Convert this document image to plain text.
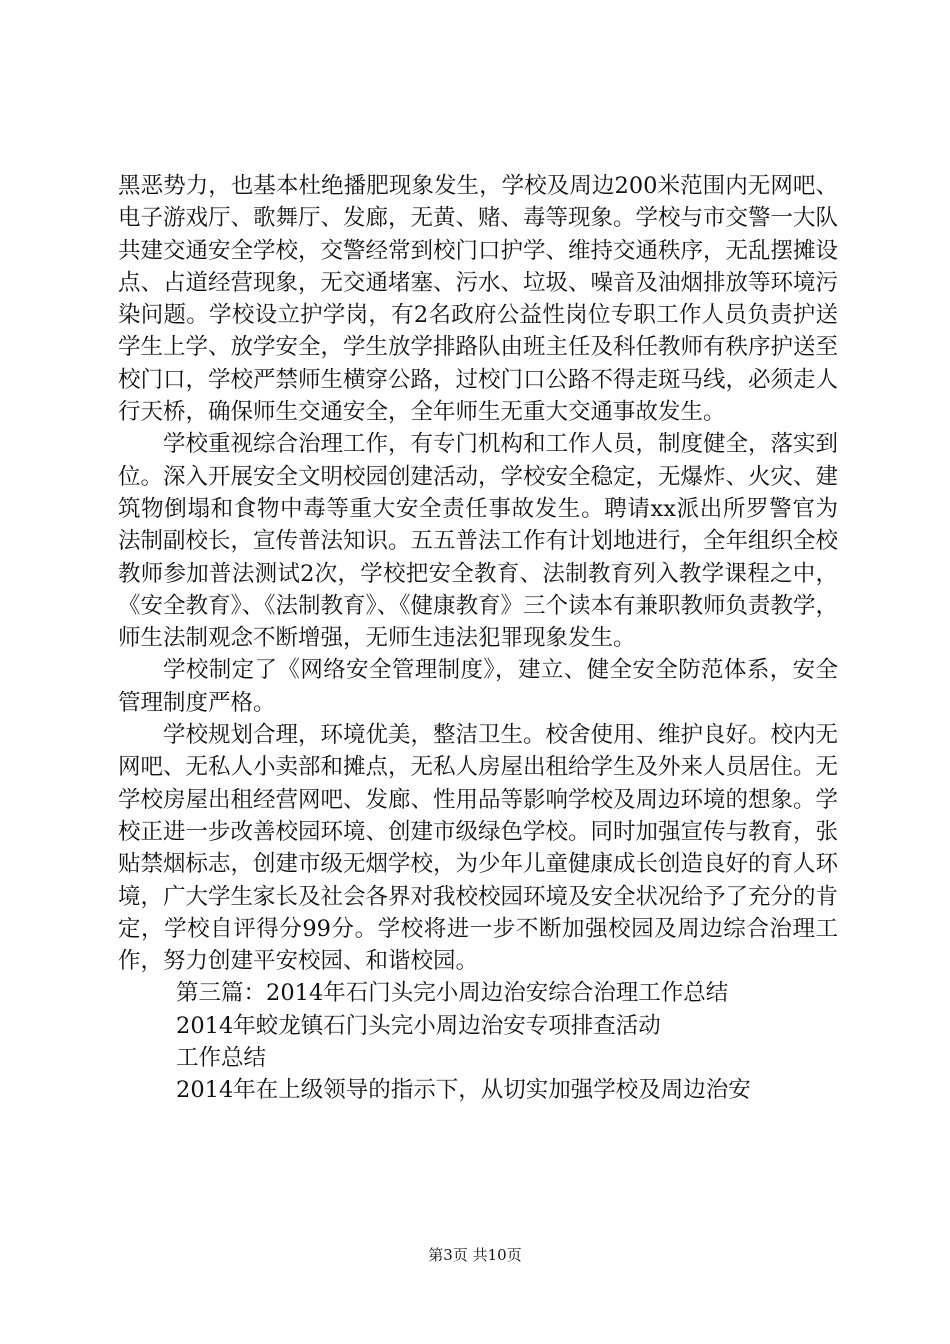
黑恶势力，也基本杜绝播肥现象发生，学校及周边200米范围内无网吧、电子游戏厅、歌舞厅、发廊，无黄、赌、毒等现象。学校与市交警一大队共建交通安全学校，交警经常到校门口护学、维持交通秩序，无乱摆摊设点、占道经营现象，无交通堵塞、污水、垃圾、噪音及油烟排放等环境污染问题。学校设立护学岗，有2名政府公益性岗位专职工作人员负责护送学生上学、放学安全，学生放学排路队由班主任及科任教师有秩序护送至校门口，学校严禁师生横穿公路，过校门口公路不得走斑马线，必须走人行天桥，确保师生交通安全，全年师生无重大交通事故发生。

学校重视综合治理工作，有专门机构和工作人员，制度健全，落实到位。深入开展安全文明校园创建活动，学校安全稳定，无爆炸、火灾、建筑物倒塌和食物中毒等重大安全责任事故发生。聘请xx派出所罗警官为法制副校长，宣传普法知识。五五普法工作有计划地进行，全年组织全校教师参加普法测试2次，学校把安全教育、法制教育列入教学课程之中，《安全教育》、《法制教育》、《健康教育》三个读本有兼职教师负责教学，师生法制观念不断增强，无师生违法犯罪现象发生。

学校制定了《网络安全管理制度》，建立、健全安全防范体系，安全管理制度严格。

学校规划合理，环境优美，整洁卫生。校舍使用、维护良好。校内无网吧、无私人小卖部和摊点，无私人房屋出租给学生及外来人员居住。无学校房屋出租经营网吧、发廊、性用品等影响学校及周边环境的想象。学校正进一步改善校园环境、创建市级绿色学校。同时加强宣传与教育，张贴禁烟标志，创建市级无烟学校，为少年儿童健康成长创造良好的育人环境，广大学生家长及社会各界对我校校园环境及安全状况给予了充分的肯定，学校自评得分99分。学校将进一步不断加强校园及周边综合治理工作，努力创建平安校园、和谐校园。

第三篇：2014年石门头完小周边治安综合治理工作总结

2014年蛟龙镇石门头完小周边治安专项排查活动

工作总结

2014年在上级领导的指示下，从切实加强学校及周边治安

第3页 共10页
